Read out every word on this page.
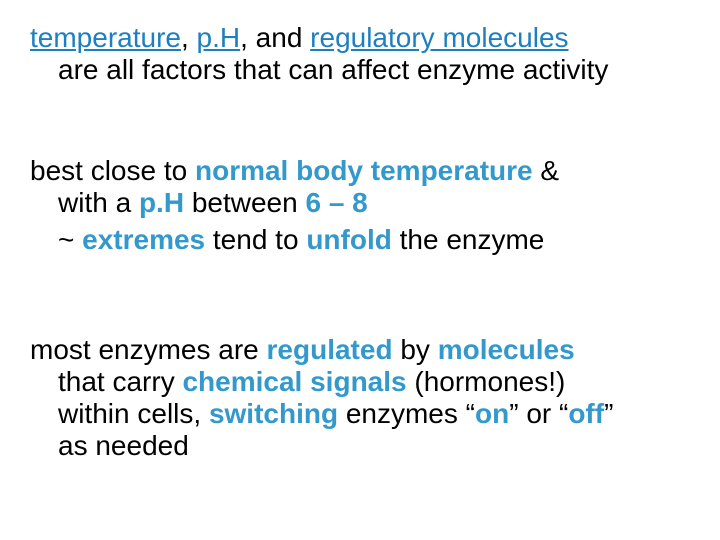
temperature, p.H, and regulatory molecules
are all factors that can affect enzyme activity
best close to normal body temperature &
with a p.H between 6 – 8
~ extremes tend to unfold the enzyme
most enzymes are regulated by molecules
that carry chemical signals (hormones!)
within cells, switching enzymes “on” or “off”
as needed
